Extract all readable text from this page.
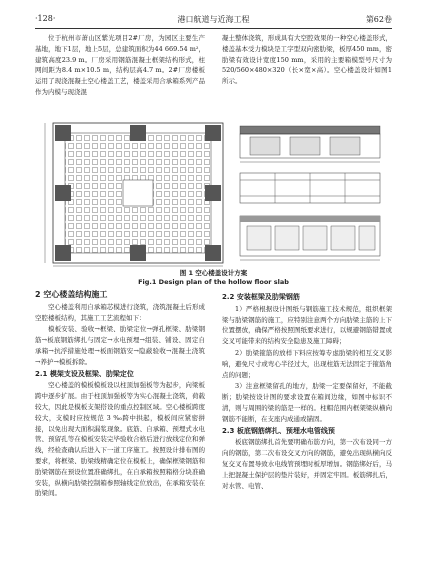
·128·	港口航道与近海工程	第62卷

位于杭州市萧山区紫光项目2#厂房，为园区主要生产基地，地下1层，地上5层，总建筑面积为44 669.54 m²，建筑高度23.9 m。厂房采用钢筋混凝土框架结构形式，柱网间距为8.4 m×10.5 m，结构层高4.7 m。2#厂房楼板运用了现浇混凝土空心楼盖工艺，楼盖采用合承箱系列产品作为内模与现浇混

凝土整体浇筑，形成具有大空腔效果的一种空心楼盖形式，楼盖基本受力模块是工字型双向密肋梁，板厚450 mm，密肋梁有效设计宽度150 mm，采用的主要箱模型号尺寸为 520/560×480×320（长×宽×高）。空心楼盖设计如图1所示。

图 1 空心楼盖设计方案
Fig.1 Design plan of the hollow floor slab

2 空心楼盖结构施工

空心楼盖利用自承箱芯模进行浇筑，浇筑混凝土后形成空腔楼板结构，其施工工艺流程如下：

模板安装、验收→框梁、肋梁定位→弹孔框梁、肋梁钢筋→板底钢筋绑扎与固定→水电预埋→组装、铺设、固定自承箱→抗浮措施处理→板面钢筋安→隐蔽验收→混凝土浇筑→养护→模板拆除。

2.1 模架支设及框梁、肋梁定位

空心楼盖的模板模板设以柱顶加强板等为起步，向梁板跨中逐步扩展。由于柱顶加强板等为实心混凝土浇筑，荷载较大，因此是模板支架搭设的重点控制区域。空心楼板跨度较大，支模时应按规范 3 ‰跨中拱起，模板间应紧密拼接，以免出现大面积漏浆现象。底筋、自承箱、预埋式水电管、预留孔等在模板安装完毕验收合格后进行放线定位和弹线，经检查确认后进入下一道工序施工。按照设计排布图的要求，将框梁、肋梁线精确定位在模板上，确保框梁钢筋和肋梁钢筋在预设位置准确绑扎，在自承箱按照箱格分块准确安装，纵横向肋梁控制箱参照轴线定位放出，在承箱安装在肋梁间。

2.2 安装框梁及肋梁钢筋

1）严格根据设计图纸与钢筋施工技术规范，组织框架梁与肋梁钢筋的施工，应特别注意两个方向肋梁主筋的上下位置摆放，确保严格按照图纸要求进行，以规避钢筋错置或交叉可能带来的结构安全隐患及施工障碍；

2）肋梁箍筋的放样下料应按筹专虑肋梁的相互交叉影响，避免尺寸或弯心半径过大，出现柱筋无法固定于箍筋角点的问题；

3）注意框梁留孔的地方，肋梁一定要保留好，不能截断；肋梁按设计图的要求设置在箱间边缘，如图中标识不清，则与周围的梁的筋是一样的。柱帽范围内框架梁纵横向钢筋不能断，在支座内成通或锚固。

2.3 板底钢筋绑扎、预埋水电管线预

板底钢筋绑扎首先要明确布筋方向，第一次布设同一方向的钢筋，第二次布设交叉方向的钢筋，避免出现纵横向反复交叉布置导致水电线管预埋时板厚增加。钢筋绑好后，马上把混凝土保护层的垫片装好，并固定牢固。板筋绑扎后，对水管、电管、
